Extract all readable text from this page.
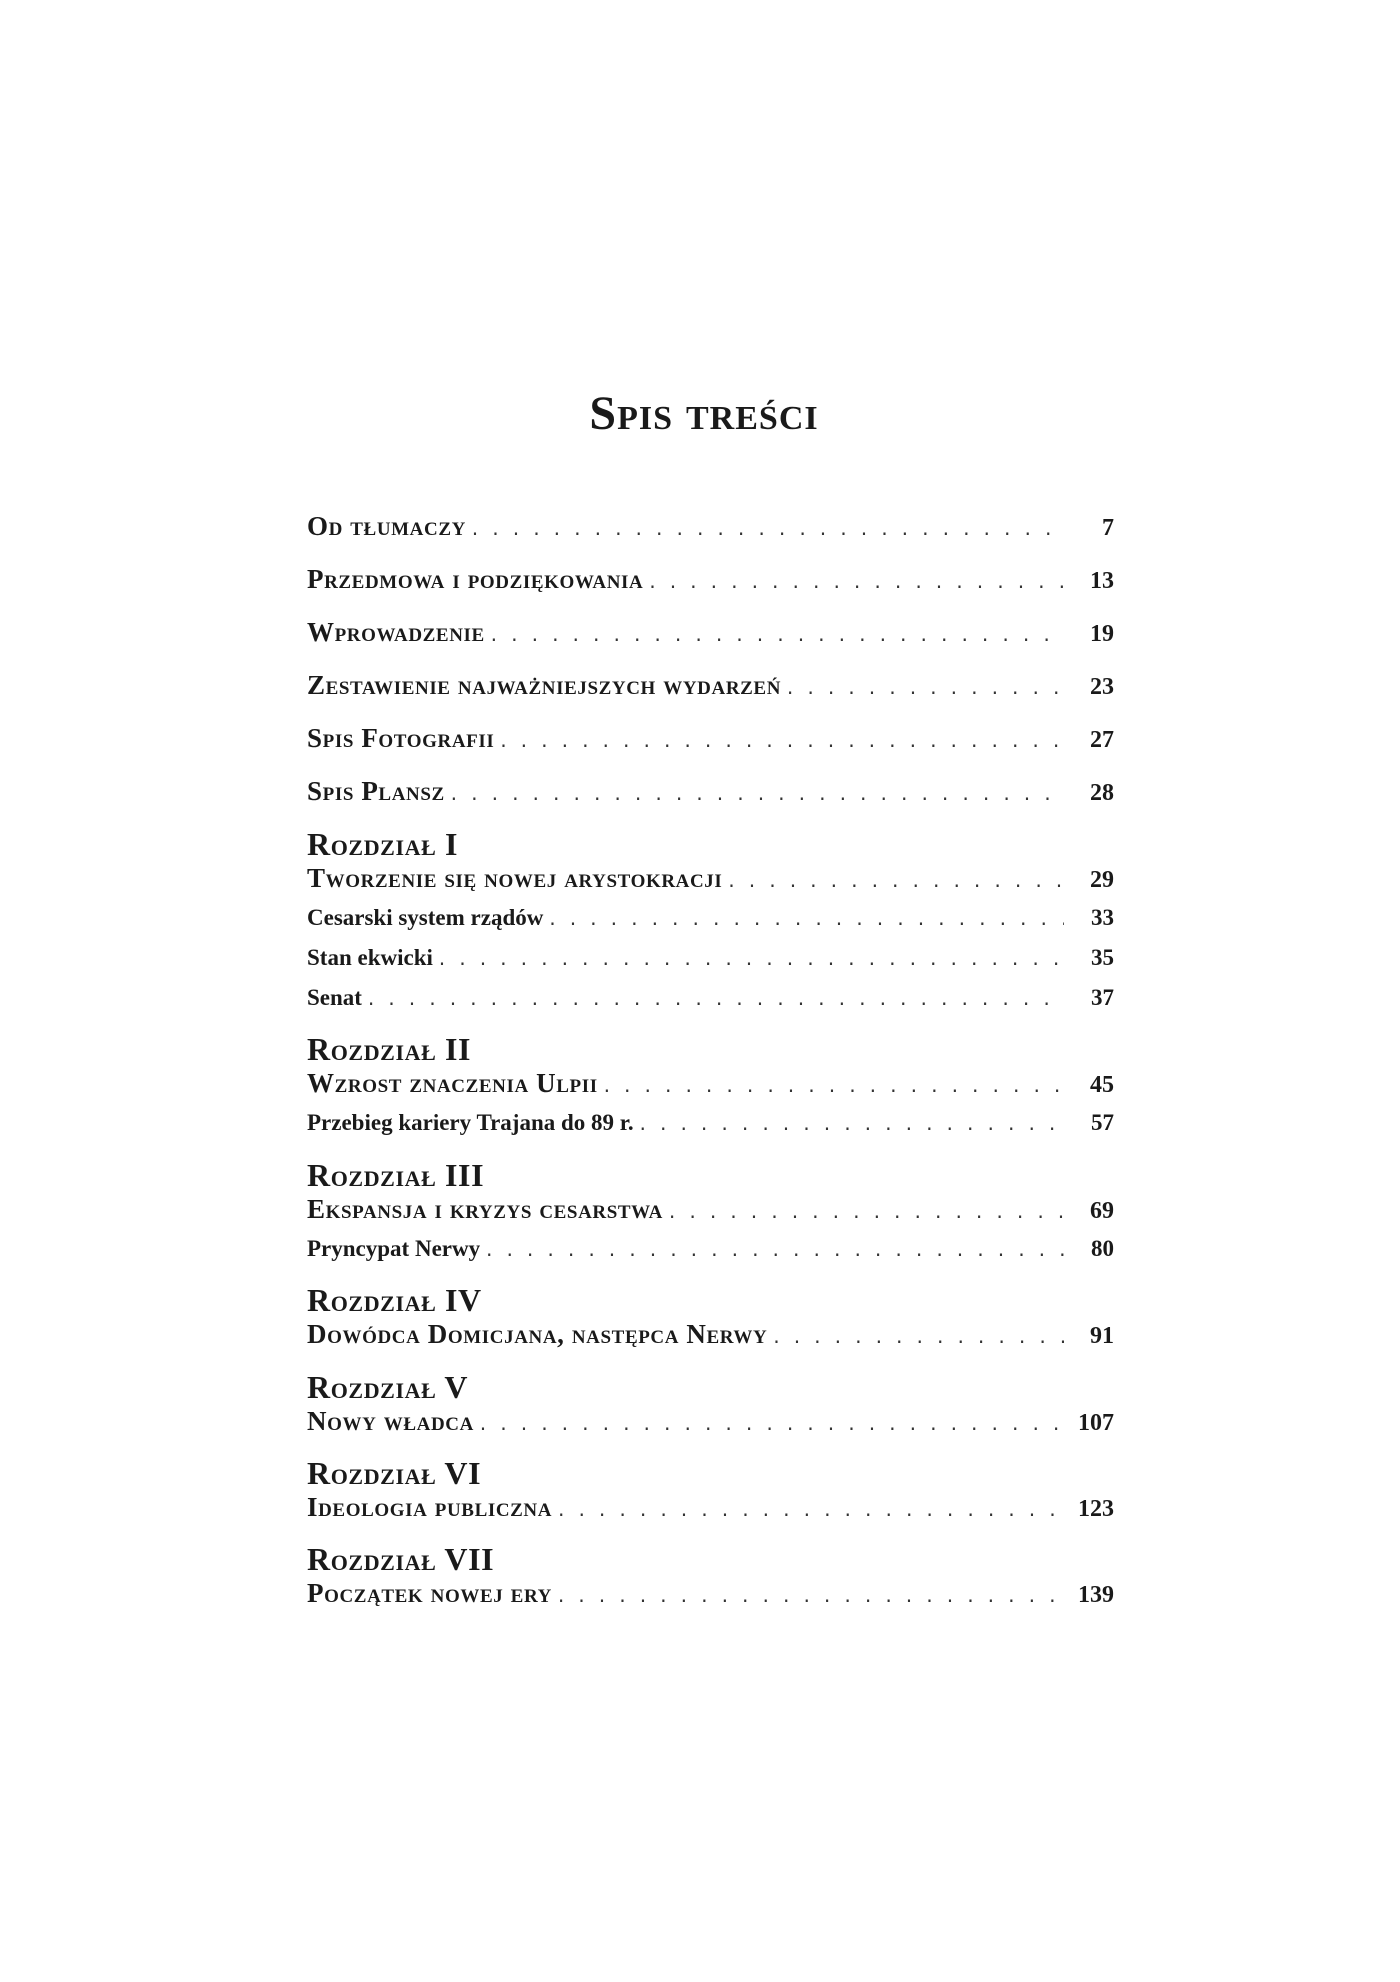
Spis treści
Od tłumaczy . . .	7
Przedmowa i podziękowania . . .	13
Wprowadzenie . . .	19
Zestawienie najważniejszych wydarzeń . . .	23
Spis Fotografii . . .	27
Spis Plansz . . .	28
Rozdział I
Tworzenie się nowej arystokracji . . .	29
Cesarski system rządów . . .	33
Stan ekwicki . . .	35
Senat . . .	37
Rozdział II
Wzrost znaczenia Ulpii . . .	45
Przebieg kariery Trajana do 89 r. . . .	57
Rozdział III
Ekspansja i kryzys cesarstwa . . .	69
Pryncypat Nerwy . . .	80
Rozdział IV
Dowódca Domicjana, następca Nerwy . . .	91
Rozdział V
Nowy władca . . .	107
Rozdział VI
Ideologia publiczna . . .	123
Rozdział VII
Początek nowej ery . . .	139
